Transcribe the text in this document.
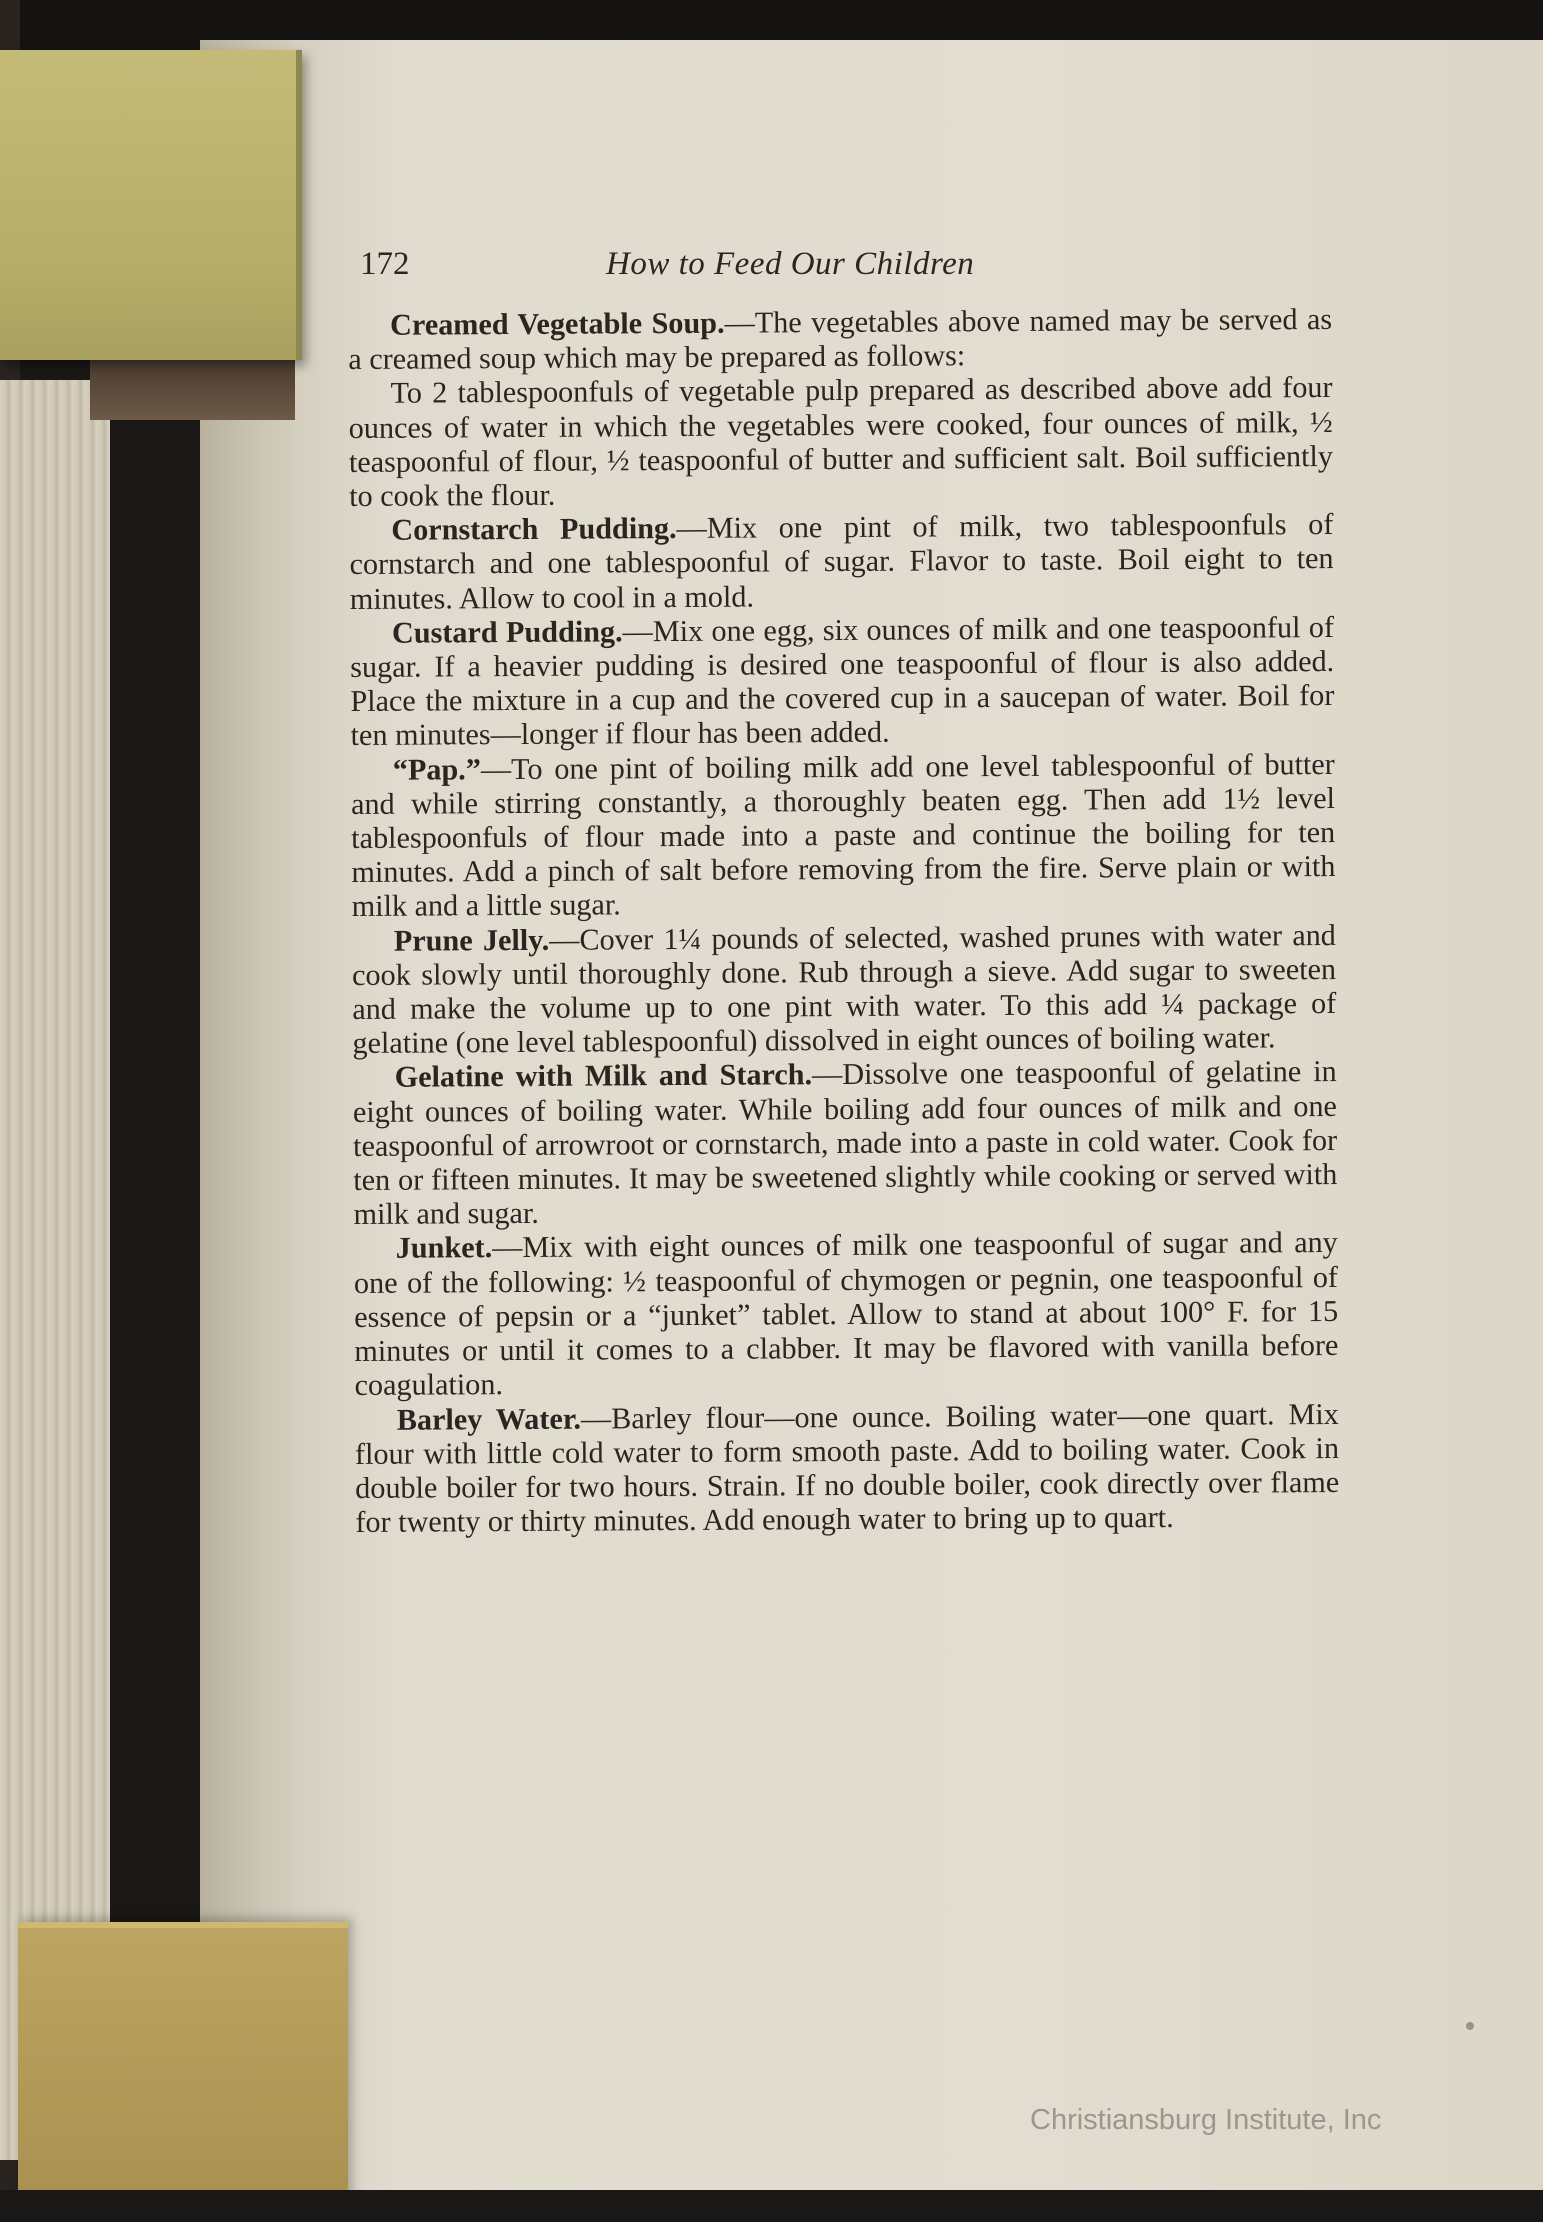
172	How to Feed Our Children

Creamed Vegetable Soup.—The vegetables above named may be served as a creamed soup which may be prepared as follows:

To 2 tablespoonfuls of vegetable pulp prepared as described above add four ounces of water in which the vegetables were cooked, four ounces of milk, ½ teaspoonful of flour, ½ teaspoonful of butter and sufficient salt. Boil sufficiently to cook the flour.

Cornstarch Pudding.—Mix one pint of milk, two tablespoonfuls of cornstarch and one tablespoonful of sugar. Flavor to taste. Boil eight to ten minutes. Allow to cool in a mold.

Custard Pudding.—Mix one egg, six ounces of milk and one teaspoonful of sugar. If a heavier pudding is desired one teaspoonful of flour is also added. Place the mixture in a cup and the covered cup in a saucepan of water. Boil for ten minutes—longer if flour has been added.

“Pap.”—To one pint of boiling milk add one level tablespoonful of butter and while stirring constantly, a thoroughly beaten egg. Then add 1½ level tablespoonfuls of flour made into a paste and continue the boiling for ten minutes. Add a pinch of salt before removing from the fire. Serve plain or with milk and a little sugar.

Prune Jelly.—Cover 1¼ pounds of selected, washed prunes with water and cook slowly until thoroughly done. Rub through a sieve. Add sugar to sweeten and make the volume up to one pint with water. To this add ¼ package of gelatine (one level tablespoonful) dissolved in eight ounces of boiling water.

Gelatine with Milk and Starch.—Dissolve one teaspoonful of gelatine in eight ounces of boiling water. While boiling add four ounces of milk and one teaspoonful of arrowroot or cornstarch, made into a paste in cold water. Cook for ten or fifteen minutes. It may be sweetened slightly while cooking or served with milk and sugar.

Junket.—Mix with eight ounces of milk one teaspoonful of sugar and any one of the following: ½ teaspoonful of chymogen or pegnin, one teaspoonful of essence of pepsin or a “junket” tablet. Allow to stand at about 100° F. for 15 minutes or until it comes to a clabber. It may be flavored with vanilla before coagulation.

Barley Water.—Barley flour—one ounce. Boiling water—one quart. Mix flour with little cold water to form smooth paste. Add to boiling water. Cook in double boiler for two hours. Strain. If no double boiler, cook directly over flame for twenty or thirty minutes. Add enough water to bring up to quart.

Christiansburg Institute, Inc
